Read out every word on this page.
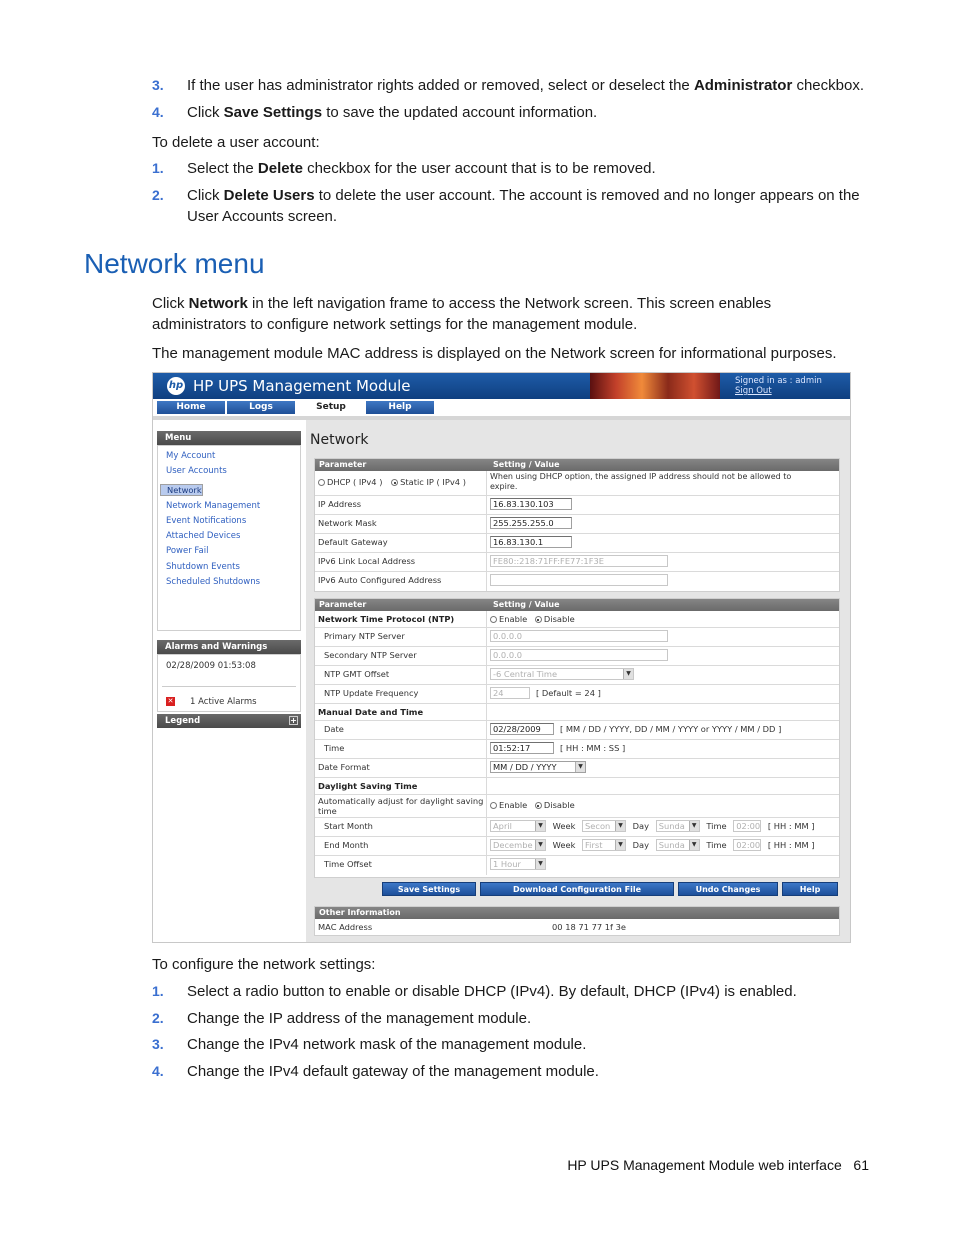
3. If the user has administrator rights added or removed, select or deselect the Administrator checkbox.
4. Click Save Settings to save the updated account information.
To delete a user account:
1. Select the Delete checkbox for the user account that is to be removed.
2. Click Delete Users to delete the user account. The account is removed and no longer appears on the
User Accounts screen.
Network menu
Click Network in the left navigation frame to access the Network screen. This screen enables
administrators to configure network settings for the management module.
The management module MAC address is displayed on the Network screen for informational purposes.
hp HP UPS Management Module	Signed in as : admin
Sign Out
Home	Logs	Setup	Help
Menu
My Account
User Accounts
Network
Network Management
Event Notifications
Attached Devices
Power Fail
Shutdown Events
Scheduled Shutdowns
Alarms and Warnings
02/28/2009 01:53:08
✕ 1 Active Alarms
Legend	+
Network
Parameter	Setting / Value
DHCP ( IPv4 ) Static IP ( IPv4 )
When using DHCP option, the assigned IP address should not be allowed to
expire.
IP Address	16.83.130.103
Network Mask	255.255.255.0
Default Gateway	16.83.130.1
IPv6 Link Local Address	FE80::218:71FF:FE77:1F3E
IPv6 Auto Configured Address
Parameter	Setting / Value
Network Time Protocol (NTP)	Enable Disable
Primary NTP Server	0.0.0.0
Secondary NTP Server	0.0.0.0
NTP GMT Offset	-6 Central Time	▼
NTP Update Frequency	24	[ Default = 24 ]
Manual Date and Time
Date	02/28/2009 [ MM / DD / YYYY, DD / MM / YYYY or YYYY / MM / DD ]
Time	01:52:17	[ HH : MM : SS ]
Date Format	MM / DD / YYYY	▼
Daylight Saving Time
Automatically adjust for daylight saving
time
Enable Disable
Start Month	April	▼ Week Secon	▼ Day Sunda	▼ Time 02:00 [ HH : MM ]
End Month	Decembe ▼ Week First	▼ Day Sunda	▼ Time 02:00 [ HH : MM ]
Time Offset	1 Hour	▼
Save Settings	Download Configuration File	Undo Changes	Help
Other Information
MAC Address	00 18 71 77 1f 3e
To configure the network settings:
1. Select a radio button to enable or disable DHCP (IPv4). By default, DHCP (IPv4) is enabled.
2. Change the IP address of the management module.
3. Change the IPv4 network mask of the management module.
4. Change the IPv4 default gateway of the management module.
HP UPS Management Module web interface   61
